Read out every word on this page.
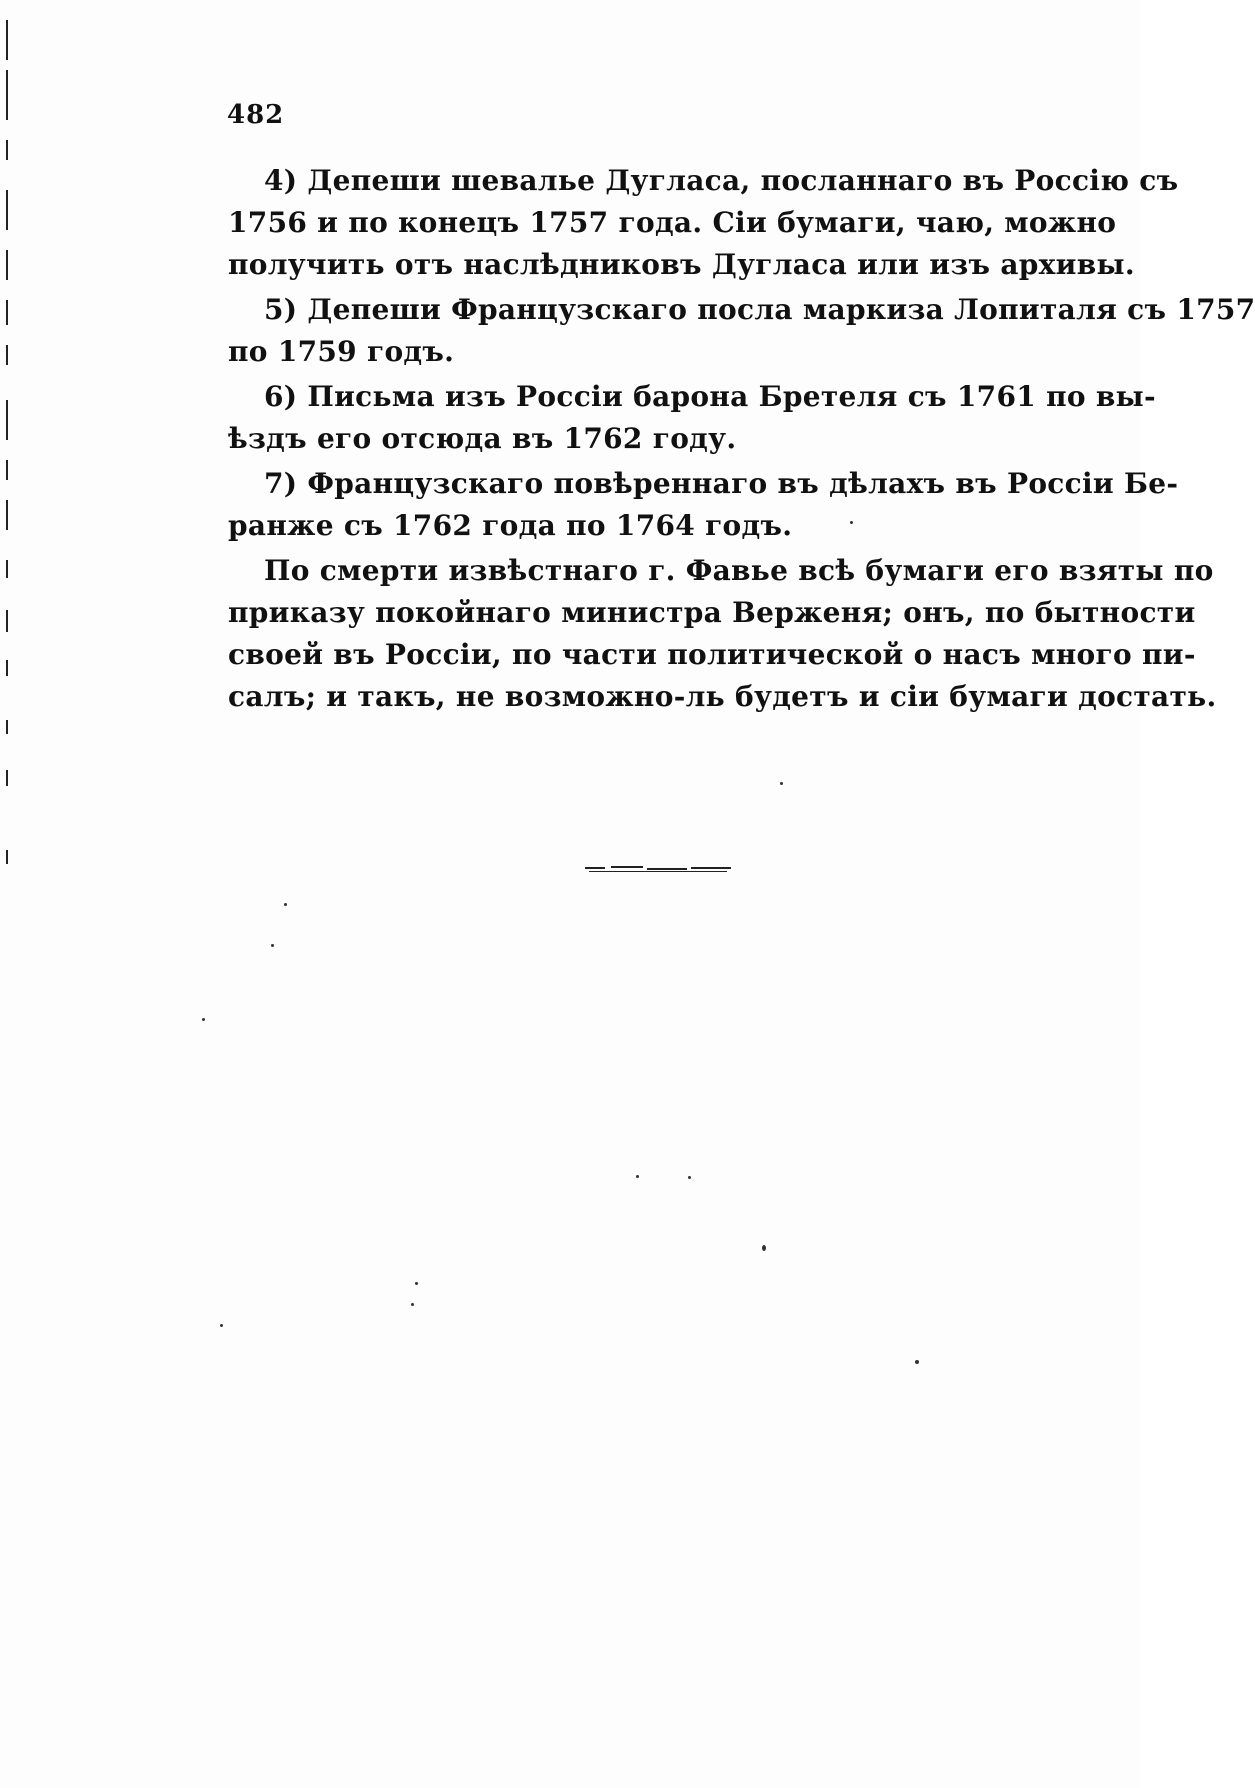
482
4) Депеши шевалье Дугласа, посланнаго въ Россію съ
1756 и по конецъ 1757 года. Сіи бумаги, чаю, можно
получить отъ наслѣдниковъ Дугласа или изъ архивы.
5) Депеши Французскаго посла маркиза Лопиталя съ 1757
по 1759 годъ.
6) Письма изъ Россіи барона Бретеля съ 1761 по вы-
ѣздъ его отсюда въ 1762 году.
7) Французскаго повѣреннаго въ дѣлахъ въ Россіи Бе-
ранже съ 1762 года по 1764 годъ.
По смерти извѣстнаго г. Фавье всѣ бумаги его взяты по
приказу покойнаго министра Верженя; онъ, по бытности
своей въ Россіи, по части политической о насъ много пи-
салъ; и такъ, не возможно-ль будетъ и сіи бумаги достать.
